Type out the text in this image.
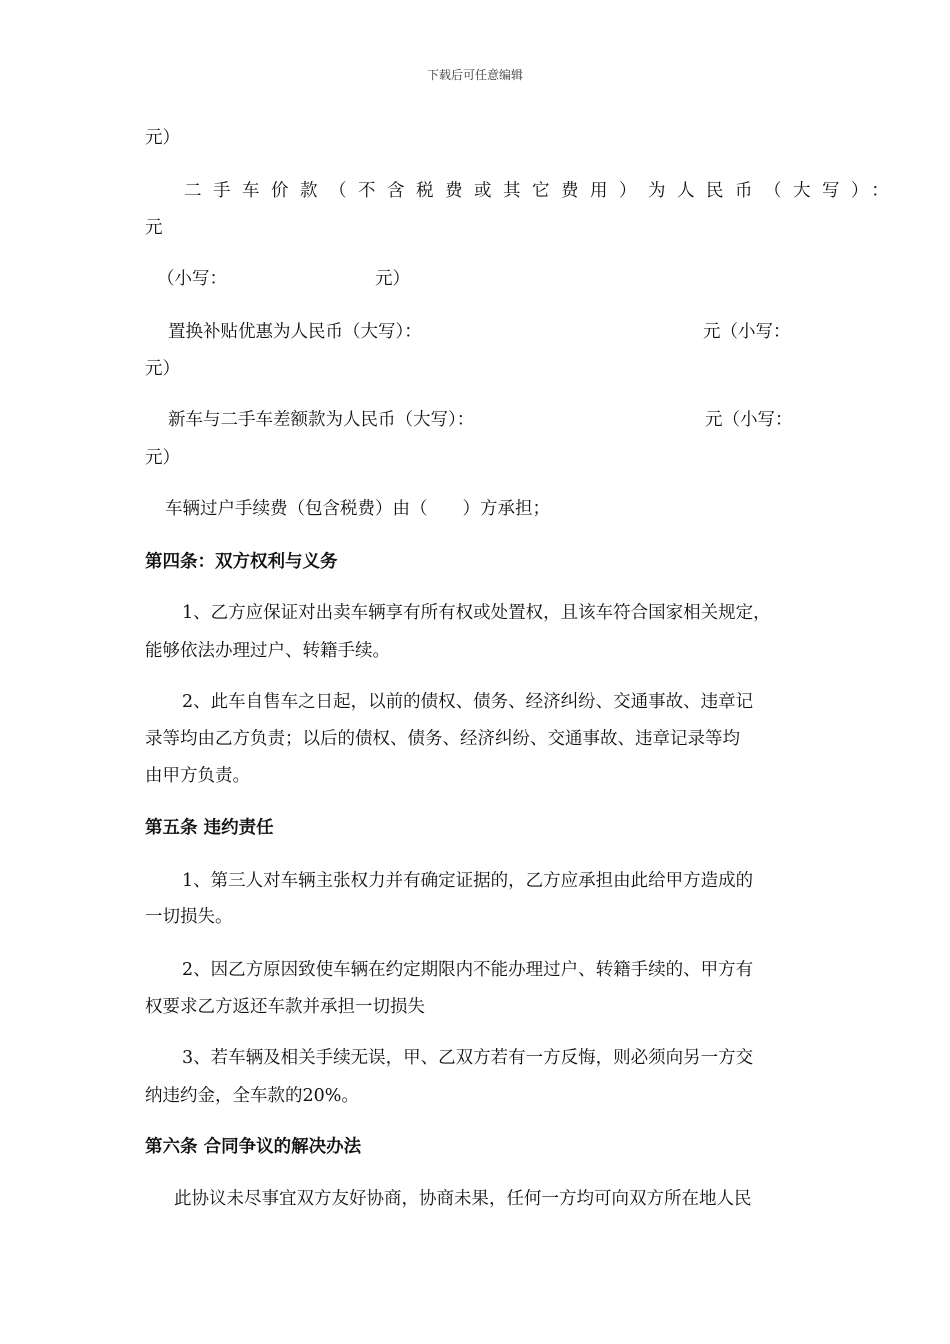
下载后可任意编辑
元）
二手车价款（不含税费或其它费用）为人民币（大写）：
元
（小写：	元）
置换补贴优惠为人民币（大写）：	元（小写：
元）
新车与二手车差额款为人民币（大写）：	元（小写：
元）
车辆过户手续费（包含税费）由（　　）方承担；
第四条：双方权利与义务
1、乙方应保证对出卖车辆享有所有权或处置权，且该车符合国家相关规定，
能够依法办理过户、转籍手续。
2、此车自售车之日起，以前的债权、债务、经济纠纷、交通事故、违章记
录等均由乙方负责；以后的债权、债务、经济纠纷、交通事故、违章记录等均
由甲方负责。
第五条 违约责任
1、第三人对车辆主张权力并有确定证据的，乙方应承担由此给甲方造成的
一切损失。
2、因乙方原因致使车辆在约定期限内不能办理过户、转籍手续的、甲方有
权要求乙方返还车款并承担一切损失
3、若车辆及相关手续无误，甲、乙双方若有一方反悔，则必须向另一方交
纳违约金，全车款的20%。
第六条 合同争议的解决办法
此协议未尽事宜双方友好协商，协商未果，任何一方均可向双方所在地人民
